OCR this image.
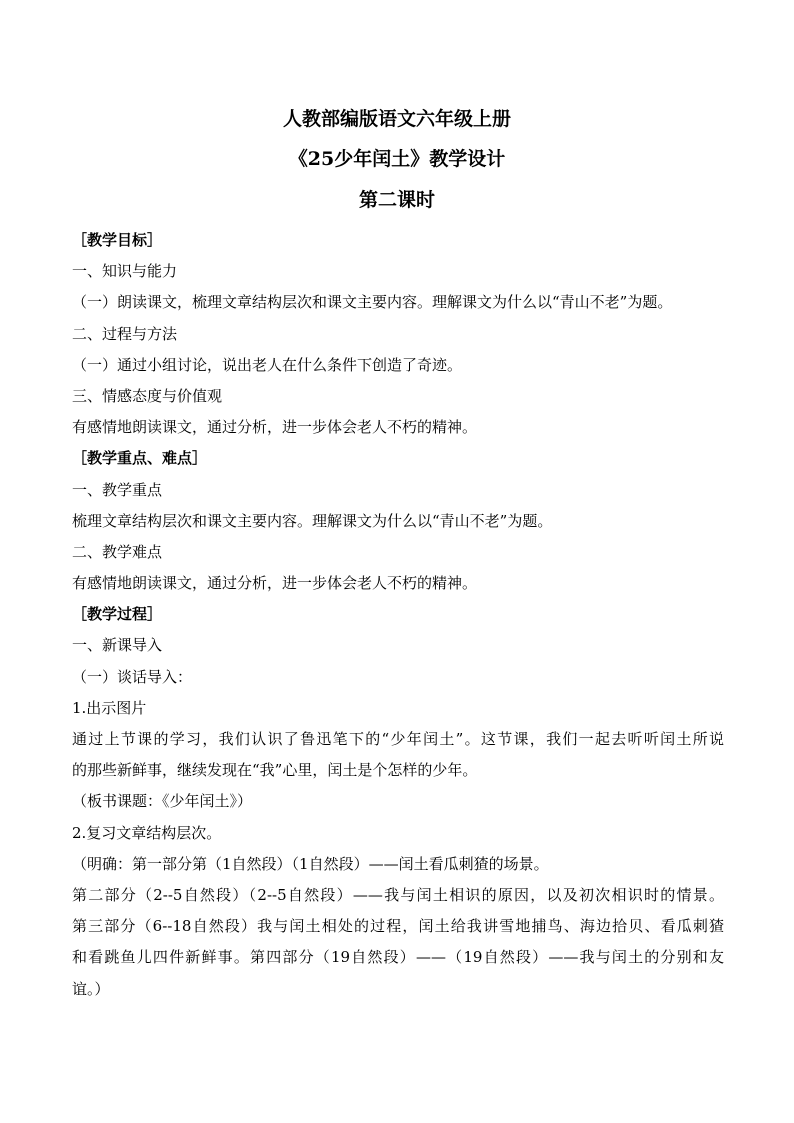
人教部编版语文六年级上册
《25少年闰土》教学设计
第二课时
［教学目标］
一、知识与能力
（一）朗读课文，梳理文章结构层次和课文主要内容。理解课文为什么以“青山不老”为题。
二、过程与方法
（一）通过小组讨论，说出老人在什么条件下创造了奇迹。
三、情感态度与价值观
有感情地朗读课文，通过分析，进一步体会老人不朽的精神。
［教学重点、难点］
一、教学重点
梳理文章结构层次和课文主要内容。理解课文为什么以“青山不老”为题。
二、教学难点
有感情地朗读课文，通过分析，进一步体会老人不朽的精神。
［教学过程］
一、新课导入
（一）谈话导入：
1.出示图片
通过上节课的学习，我们认识了鲁迅笔下的“少年闰土”。这节课，我们一起去听听闰土所说
的那些新鲜事，继续发现在“我”心里，闰土是个怎样的少年。
（板书课题：《少年闰土》）
2.复习文章结构层次。
（明确：第一部分第（1自然段）（1自然段）——闰土看瓜刺猹的场景。
第二部分（2--5自然段）（2--5自然段）——我与闰土相识的原因，以及初次相识时的情景。
第三部分（6--18自然段）我与闰土相处的过程，闰土给我讲雪地捕鸟、海边拾贝、看瓜刺猹
和看跳鱼儿四件新鲜事。第四部分（19自然段）——（19自然段）——我与闰土的分别和友
谊。）
